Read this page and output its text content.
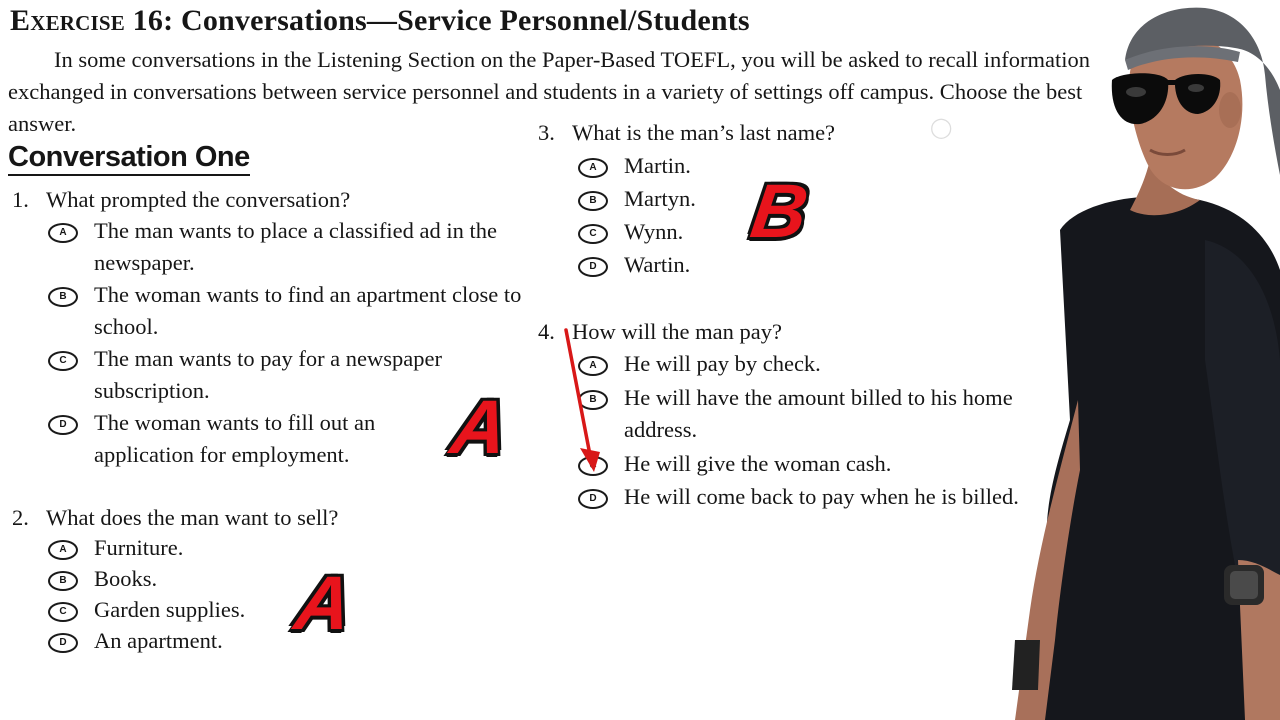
Exercise 16: Conversations—Service Personnel/Students

In some conversations in the Listening Section on the Paper-Based TOEFL, you will be asked to recall information exchanged in conversations between service personnel and students in a variety of settings off campus. Choose the best answer.

Conversation One
◯
1. What prompted the conversation?
A	The man wants to place a classified ad in the newspaper.
B	The woman wants to find an apartment close to school.
C	The man wants to pay for a newspaper subscription.
D	The woman wants to fill out an application for employment.
2. What does the man want to sell?
A	Furniture.
B	Books.
C	Garden supplies.
D	An apartment.
3. What is the man’s last name?
A	Martin.
B	Martyn.
C	Wynn.
D	Wartin.
4. How will the man pay?
A	He will pay by check.
B	He will have the amount billed to his home address.
He will give the woman cash.
D	He will come back to pay when he is billed.
A
A
B
